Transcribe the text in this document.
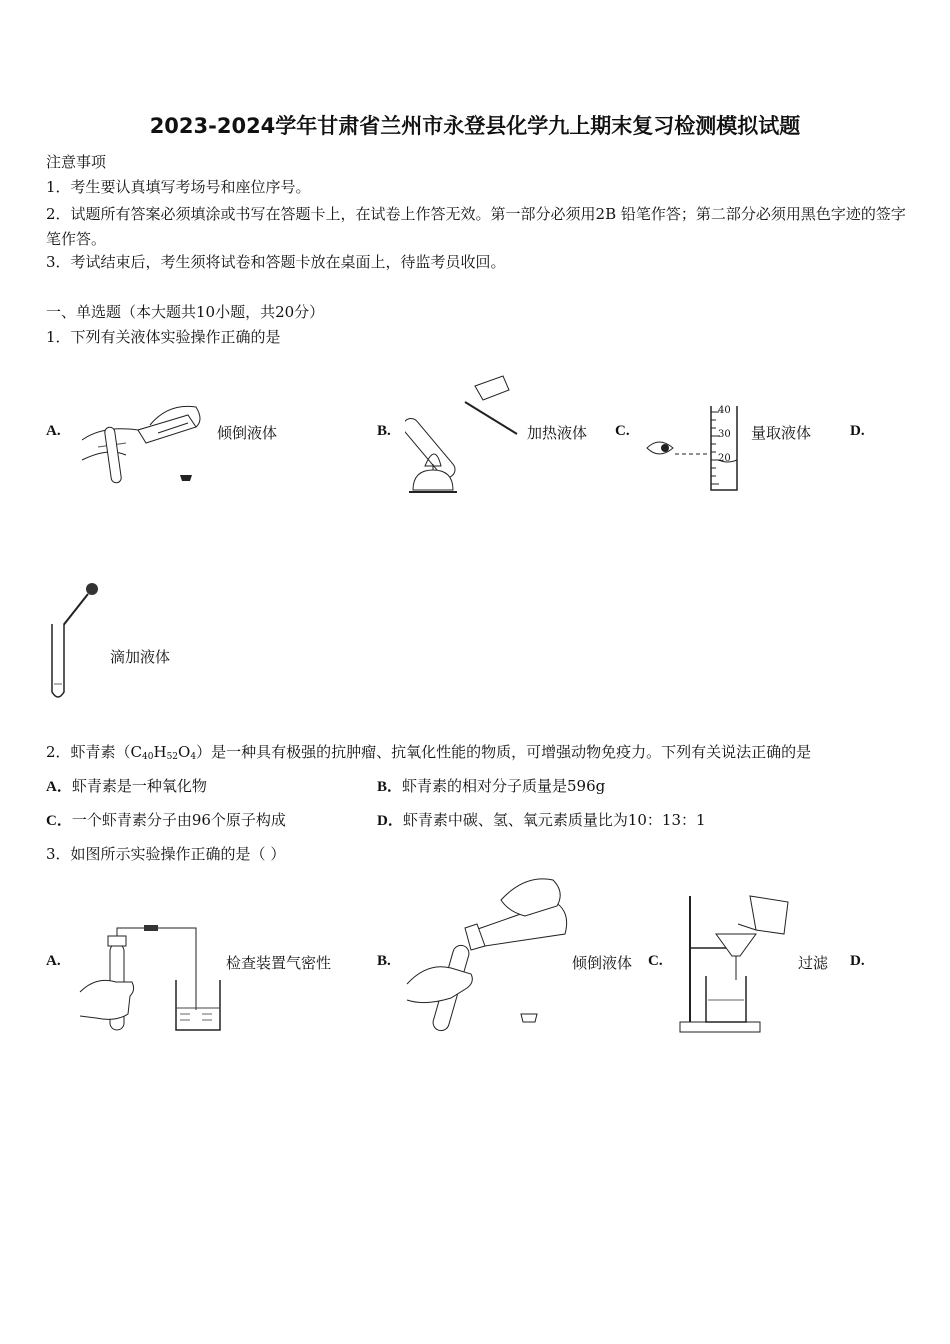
2023-2024学年甘肃省兰州市永登县化学九上期末复习检测模拟试题
注意事项
1．考生要认真填写考场号和座位序号。
2．试题所有答案必须填涂或书写在答题卡上，在试卷上作答无效。第一部分必须用2B 铅笔作答；第二部分必须用黑色字迹的签字笔作答。
3．考试结束后，考生须将试卷和答题卡放在桌面上，待监考员收回。
一、单选题（本大题共10小题，共20分）
1．下列有关液体实验操作正确的是
A.	倾倒液体	B.	加热液体 C.
40
30
20
量取液体	D.
滴加液体
2．虾青素$(C_{40}H_{52}O_4)$是一种具有极强的抗肿瘤、抗氧化性能的物质，可增强动物免疫力。下列有关说法正确的是
A．虾青素是一种氧化物	B．虾青素的相对分子质量是596g
C．一个虾青素分子由96个原子构成	D．虾青素中碳、氢、氧元素质量比为10：13：1
3．如图所示实验操作正确的是（ ）
A.	检查装置气密性	B.	倾倒液体 C.	过滤 D.
